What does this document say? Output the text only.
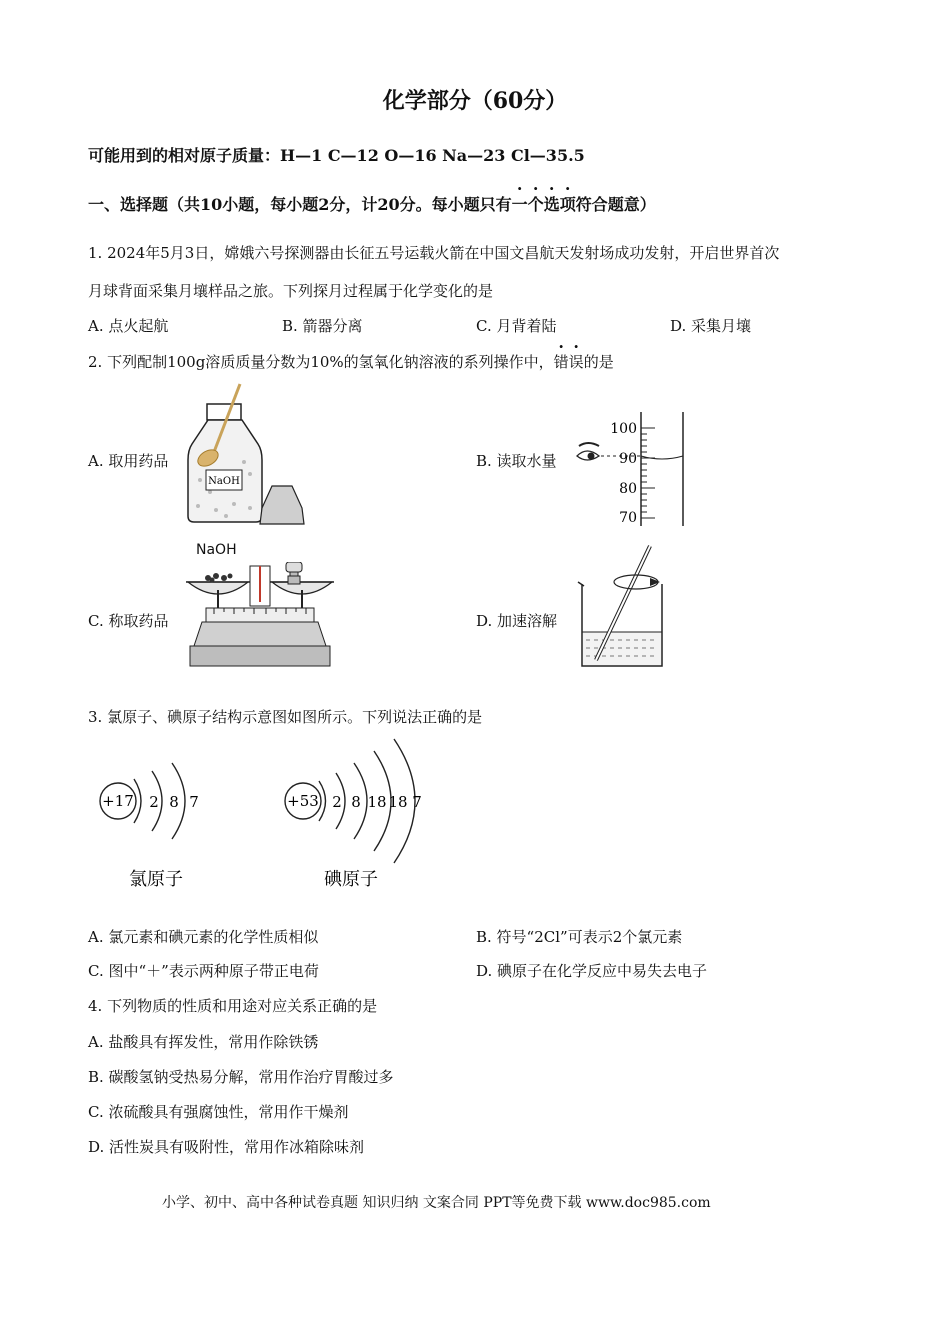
化学部分（60分）
可能用到的相对原子质量：H—1 C—12 O—16 Na—23 Cl—35.5
一、选择题（共10小题，每小题2分，计20分。每小题只有一个选项符合题意）
1. 2024年5月3日，嫦娥六号探测器由长征五号运载火箭在中国文昌航天发射场成功发射，开启世界首次
月球背面采集月壤样品之旅。下列探月过程属于化学变化的是
A. 点火起航	B. 箭器分离	C. 月背着陆	D. 采集月壤
2. 下列配制100g溶质质量分数为10%的氢氧化钠溶液的系列操作中，错误的是
A. 取用药品	B. 读取水量
C. 称取药品	D. 加速溶解
NaOH
100
90
80
70
NaOH
3. 氯原子、碘原子结构示意图如图所示。下列说法正确的是
+17 2 8 7
氯原子
+53 2 8 18 18 7
碘原子
A. 氯元素和碘元素的化学性质相似	B. 符号“2Cl”可表示2个氯元素
C. 图中“＋”表示两种原子带正电荷	D. 碘原子在化学反应中易失去电子
4. 下列物质的性质和用途对应关系正确的是
A. 盐酸具有挥发性，常用作除铁锈
B. 碳酸氢钠受热易分解，常用作治疗胃酸过多
C. 浓硫酸具有强腐蚀性，常用作干燥剂
D. 活性炭具有吸附性，常用作冰箱除味剂
小学、初中、高中各种试卷真题 知识归纳 文案合同 PPT等免费下载 www.doc985.com
